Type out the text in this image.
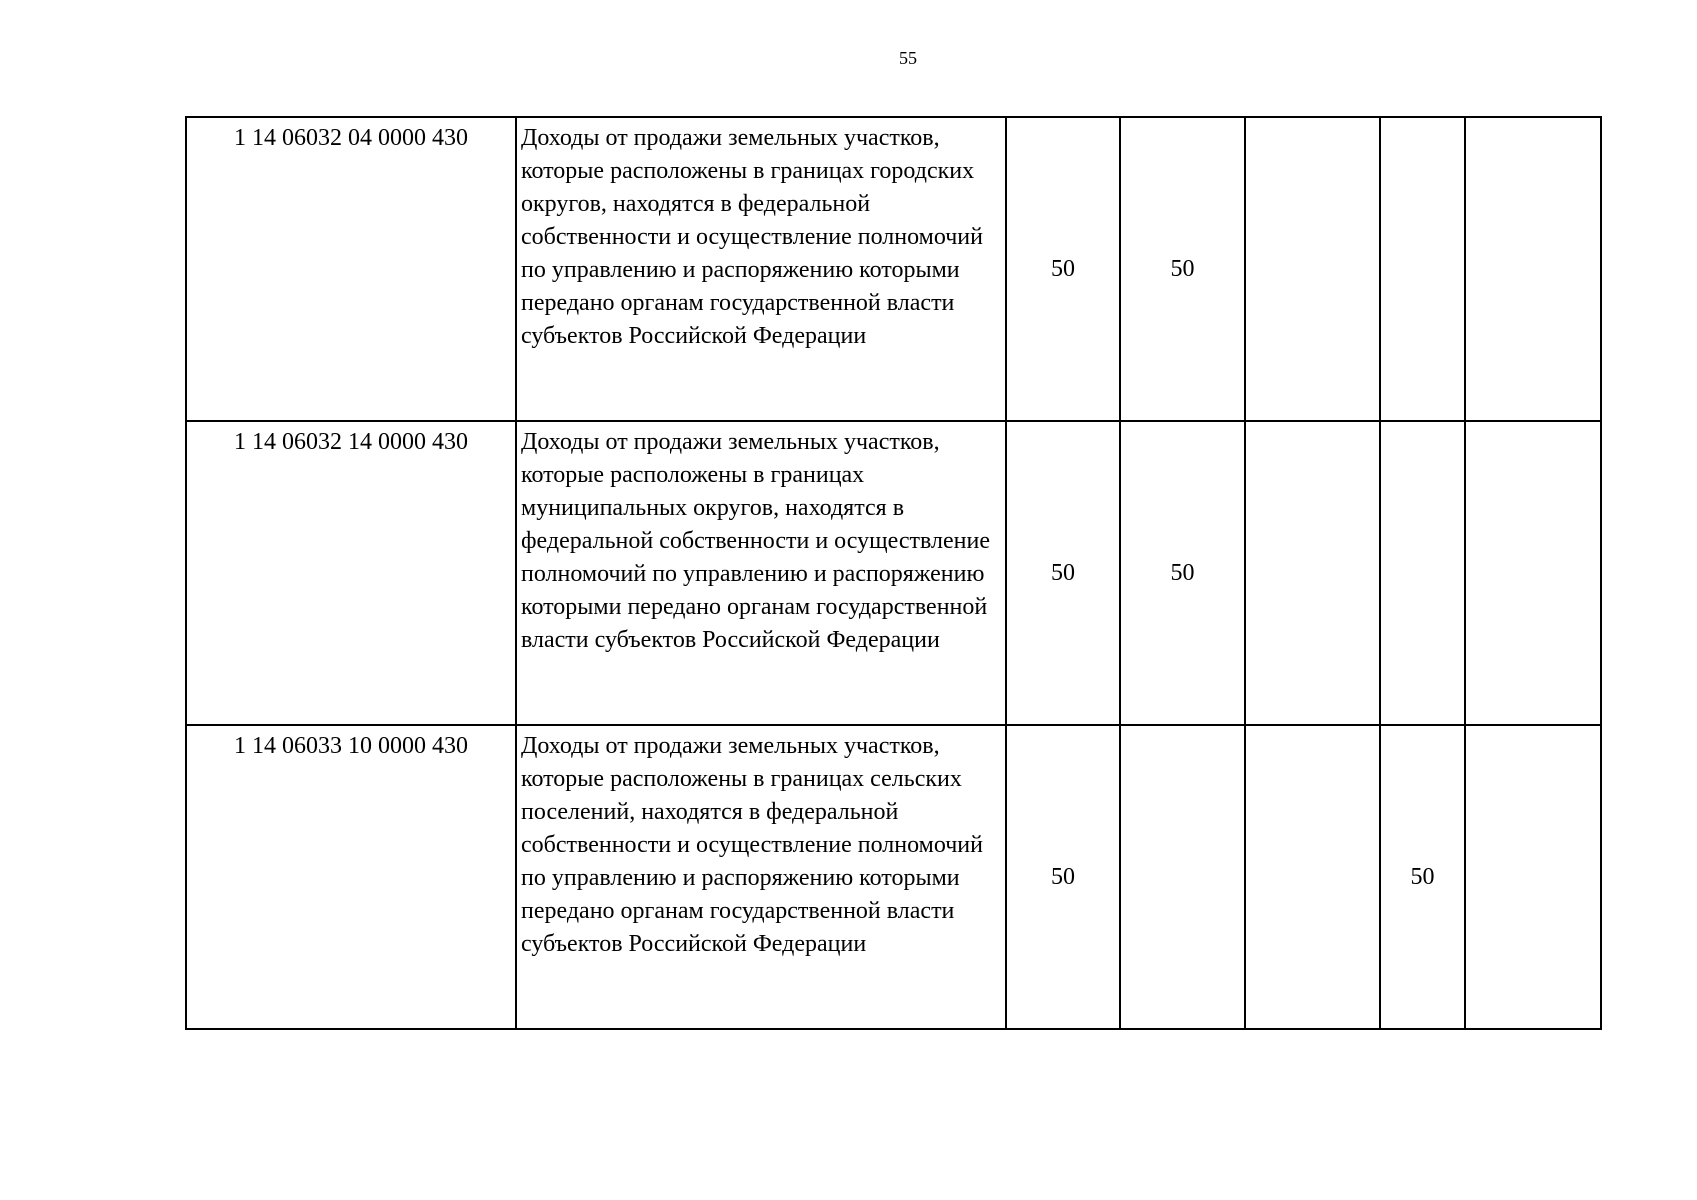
55
1 14 06032 04 0000 430	Доходы от продажи земельных участков, которые расположены в границах городских округов, находятся в федеральной собственности и осуществление полномочий по управлению и распоряжению которыми передано органам государственной власти субъектов Российской Федерации	50	50			
1 14 06032 14 0000 430	Доходы от продажи земельных участков, которые расположены в границах муниципальных округов, находятся в федеральной собственности и осуществление полномочий по управлению и распоряжению которыми передано органам государственной власти субъектов Российской Федерации	50	50			
1 14 06033 10 0000 430	Доходы от продажи земельных участков, которые расположены в границах сельских поселений, находятся в федеральной собственности и осуществление полномочий по управлению и распоряжению которыми передано органам государственной власти субъектов Российской Федерации	50			50	
